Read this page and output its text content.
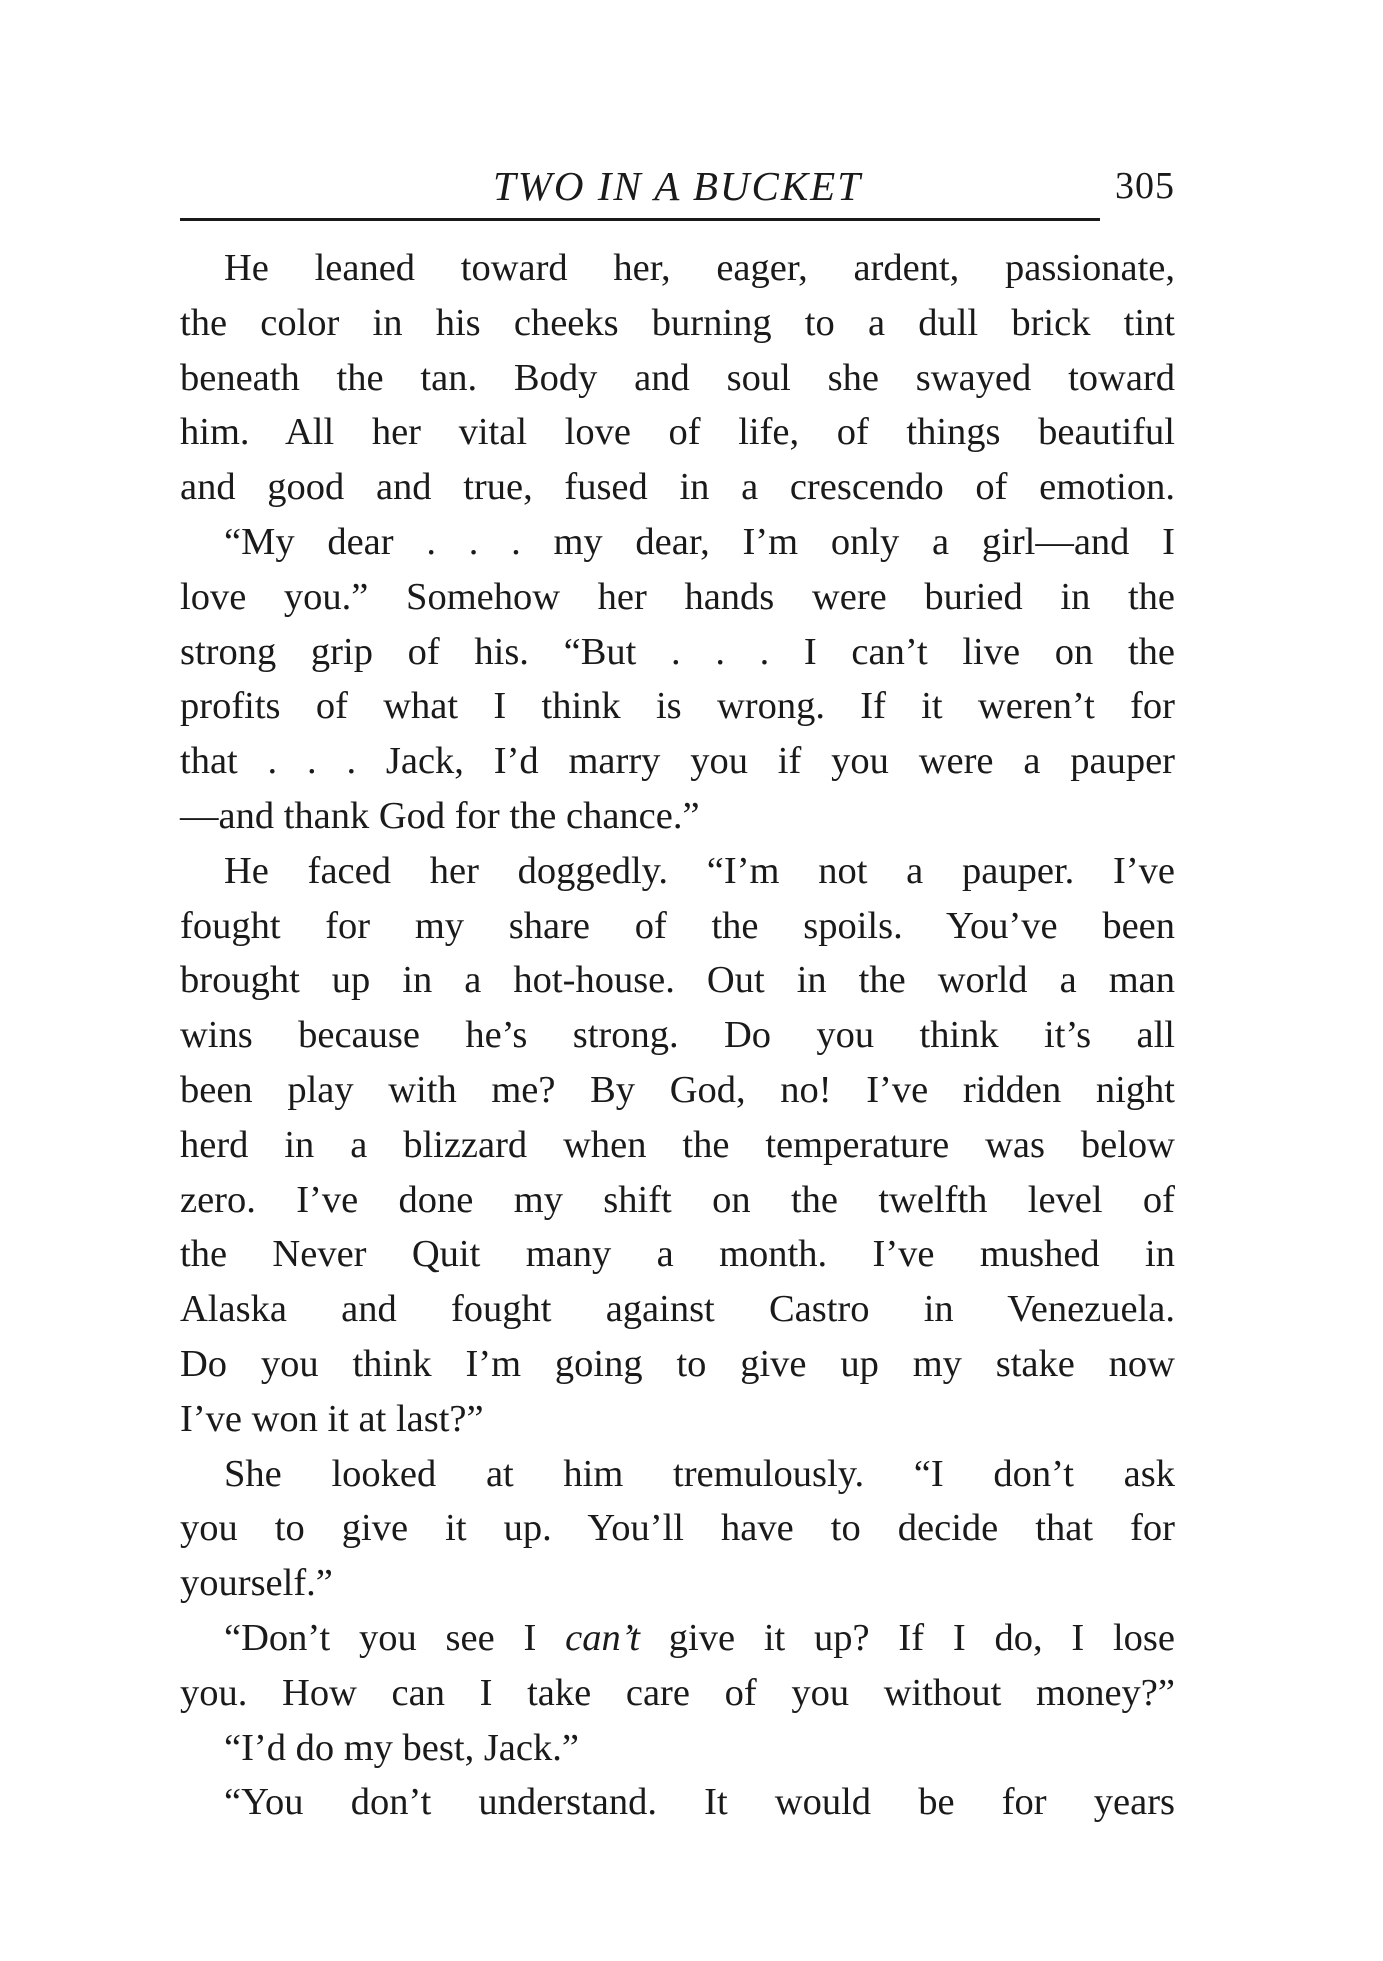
TWO IN A BUCKET	305
He leaned toward her, eager, ardent, passionate,
the color in his cheeks burning to a dull brick tint
beneath the tan. Body and soul she swayed toward
him. All her vital love of life, of things beautiful
and good and true, fused in a crescendo of emotion.
“My dear . . . my dear, I’m only a girl—and I
love you.” Somehow her hands were buried in the
strong grip of his. “But . . . I can’t live on the
profits of what I think is wrong. If it weren’t for
that . . . Jack, I’d marry you if you were a pauper
—and thank God for the chance.”
He faced her doggedly. “I’m not a pauper. I’ve
fought for my share of the spoils. You’ve been
brought up in a hot-house. Out in the world a man
wins because he’s strong. Do you think it’s all
been play with me? By God, no! I’ve ridden night
herd in a blizzard when the temperature was below
zero. I’ve done my shift on the twelfth level of
the Never Quit many a month. I’ve mushed in
Alaska and fought against Castro in Venezuela.
Do you think I’m going to give up my stake now
I’ve won it at last?”
She looked at him tremulously. “I don’t ask
you to give it up. You’ll have to decide that for
yourself.”
“Don’t you see I can’t give it up? If I do, I lose
you. How can I take care of you without money?”
“I’d do my best, Jack.”
“You don’t understand. It would be for years
